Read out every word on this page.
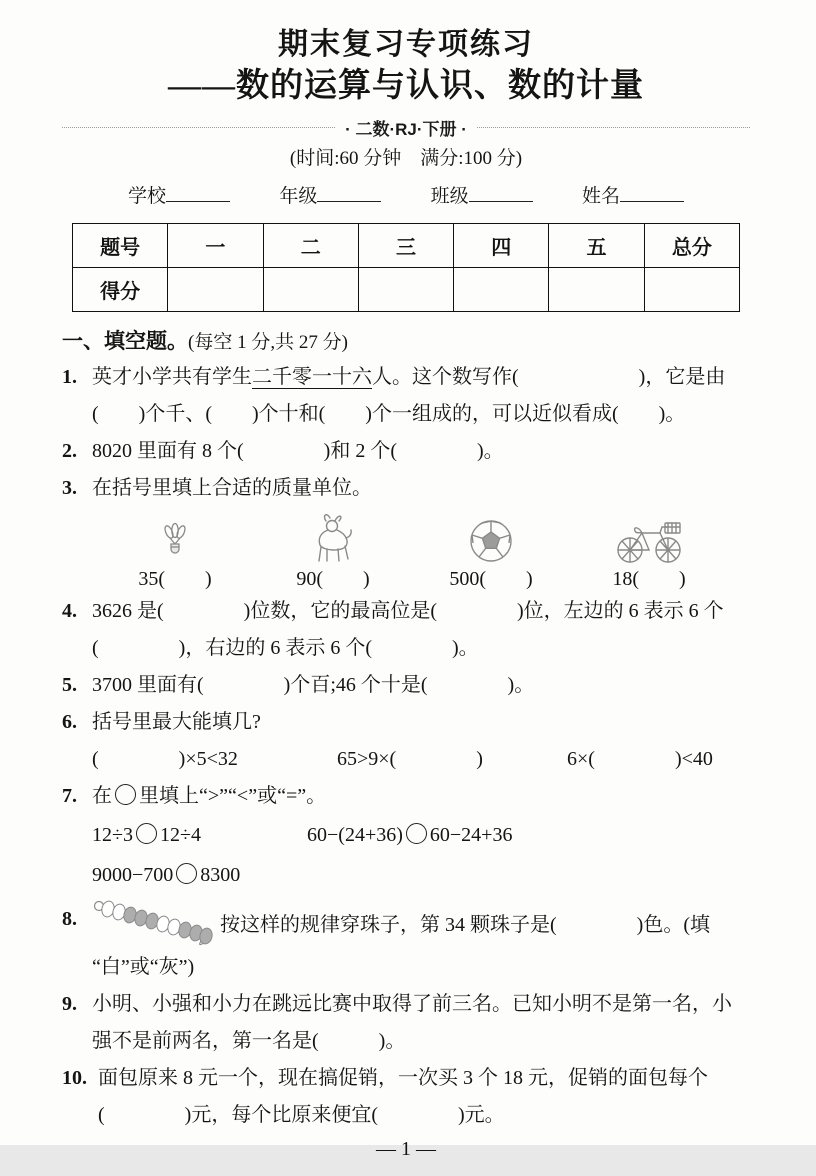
期末复习专项练习
——数的运算与认识、数的计量
· 二数·RJ·下册 ·
(时间:60 分钟　满分:100 分)
学校	年级	班级	姓名
题号	一	二	三	四	五	总分
得分						
一、填空题。(每空 1 分,共 27 分)
1. 英才小学共有学生二千零一十六人。这个数写作(　　　　　　)，它是由
(　　)个千、(　　)个十和(　　)个一组成的，可以近似看成(　　)。
2. 8020 里面有 8 个(　　　　)和 2 个(　　　　)。
3. 在括号里填上合适的质量单位。
35(　　)	90(　　)	500(　　)	18(　　)
4. 3626 是(　　　　)位数，它的最高位是(　　　　)位，左边的 6 表示 6 个
(　　　　)，右边的 6 表示 6 个(　　　　)。
5. 3700 里面有(　　　　)个百;46 个十是(　　　　)。
6. 括号里最大能填几?
(　　　　)×5<32	65>9×(　　　　)	6×(　　　　)<40
7. 在 里填上“>”“<”或“=”。
12÷3 12÷4	60−(24+36) 60−24+36
9000−700 8300
8.	按这样的规律穿珠子，第 34 颗珠子是(　　　　)色。(填
“白”或“灰”)
9. 小明、小强和小力在跳远比赛中取得了前三名。已知小明不是第一名，小
强不是前两名，第一名是(　　　)。
10. 面包原来 8 元一个，现在搞促销，一次买 3 个 18 元，促销的面包每个
(　　　　)元，每个比原来便宜(　　　　)元。
— 1 —
